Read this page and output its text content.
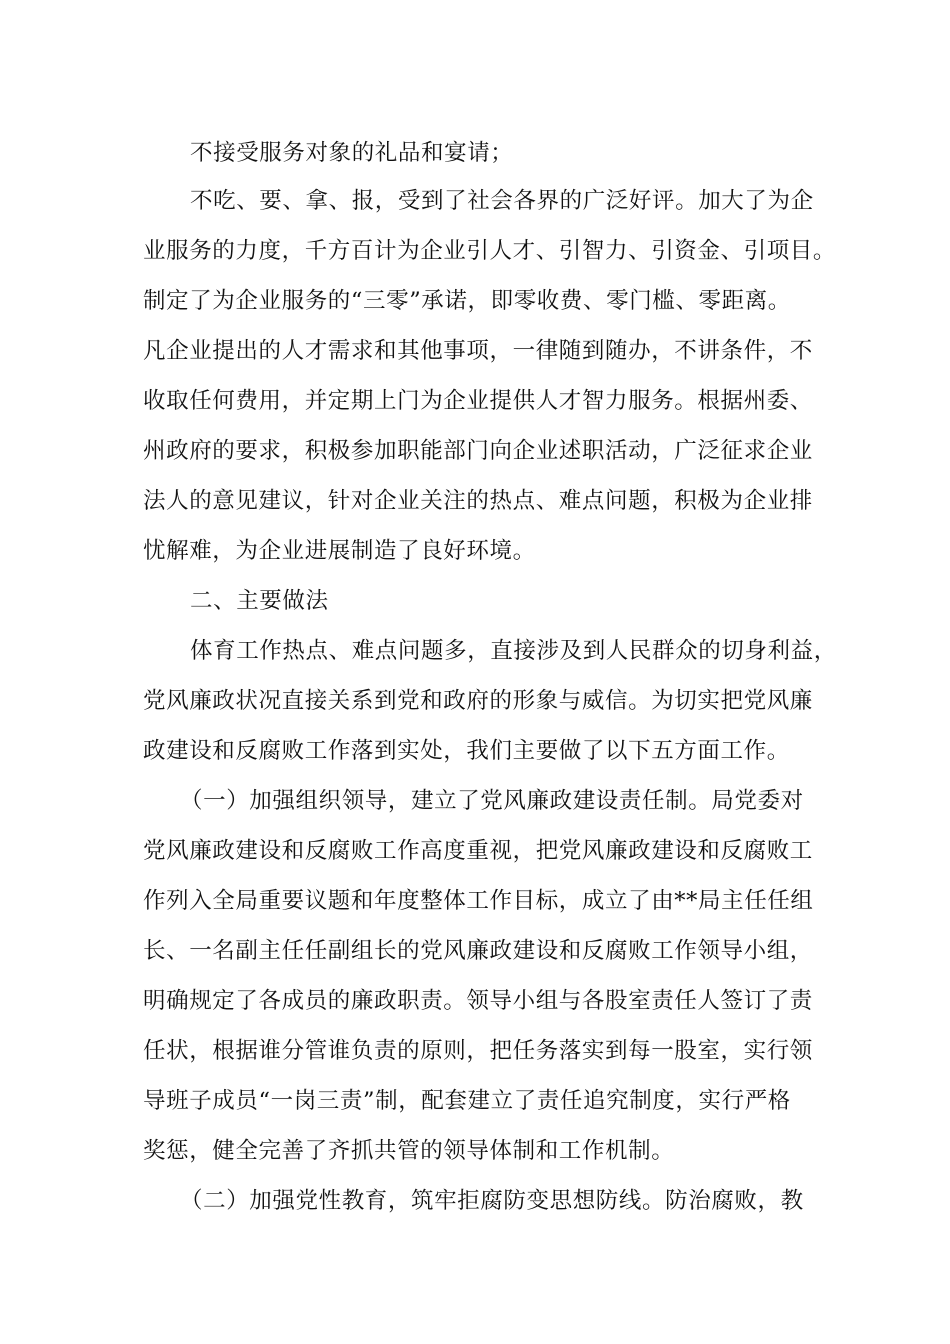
不接受服务对象的礼品和宴请；
不吃、要、拿、报，受到了社会各界的广泛好评。加大了为企
业服务的力度，千方百计为企业引人才、引智力、引资金、引项目。
制定了为企业服务的“三零”承诺，即零收费、零门槛、零距离。
凡企业提出的人才需求和其他事项，一律随到随办，不讲条件，不
收取任何费用，并定期上门为企业提供人才智力服务。根据州委、
州政府的要求，积极参加职能部门向企业述职活动，广泛征求企业
法人的意见建议，针对企业关注的热点、难点问题，积极为企业排
忧解难，为企业进展制造了良好环境。
二、主要做法
体育工作热点、难点问题多，直接涉及到人民群众的切身利益，
党风廉政状况直接关系到党和政府的形象与威信。为切实把党风廉
政建设和反腐败工作落到实处，我们主要做了以下五方面工作。
（一）加强组织领导，建立了党风廉政建设责任制。局党委对
党风廉政建设和反腐败工作高度重视，把党风廉政建设和反腐败工
作列入全局重要议题和年度整体工作目标，成立了由**局主任任组
长、一名副主任任副组长的党风廉政建设和反腐败工作领导小组，
明确规定了各成员的廉政职责。领导小组与各股室责任人签订了责
任状，根据谁分管谁负责的原则，把任务落实到每一股室，实行领
导班子成员“一岗三责”制，配套建立了责任追究制度，实行严格
奖惩，健全完善了齐抓共管的领导体制和工作机制。
（二）加强党性教育，筑牢拒腐防变思想防线。防治腐败，教
